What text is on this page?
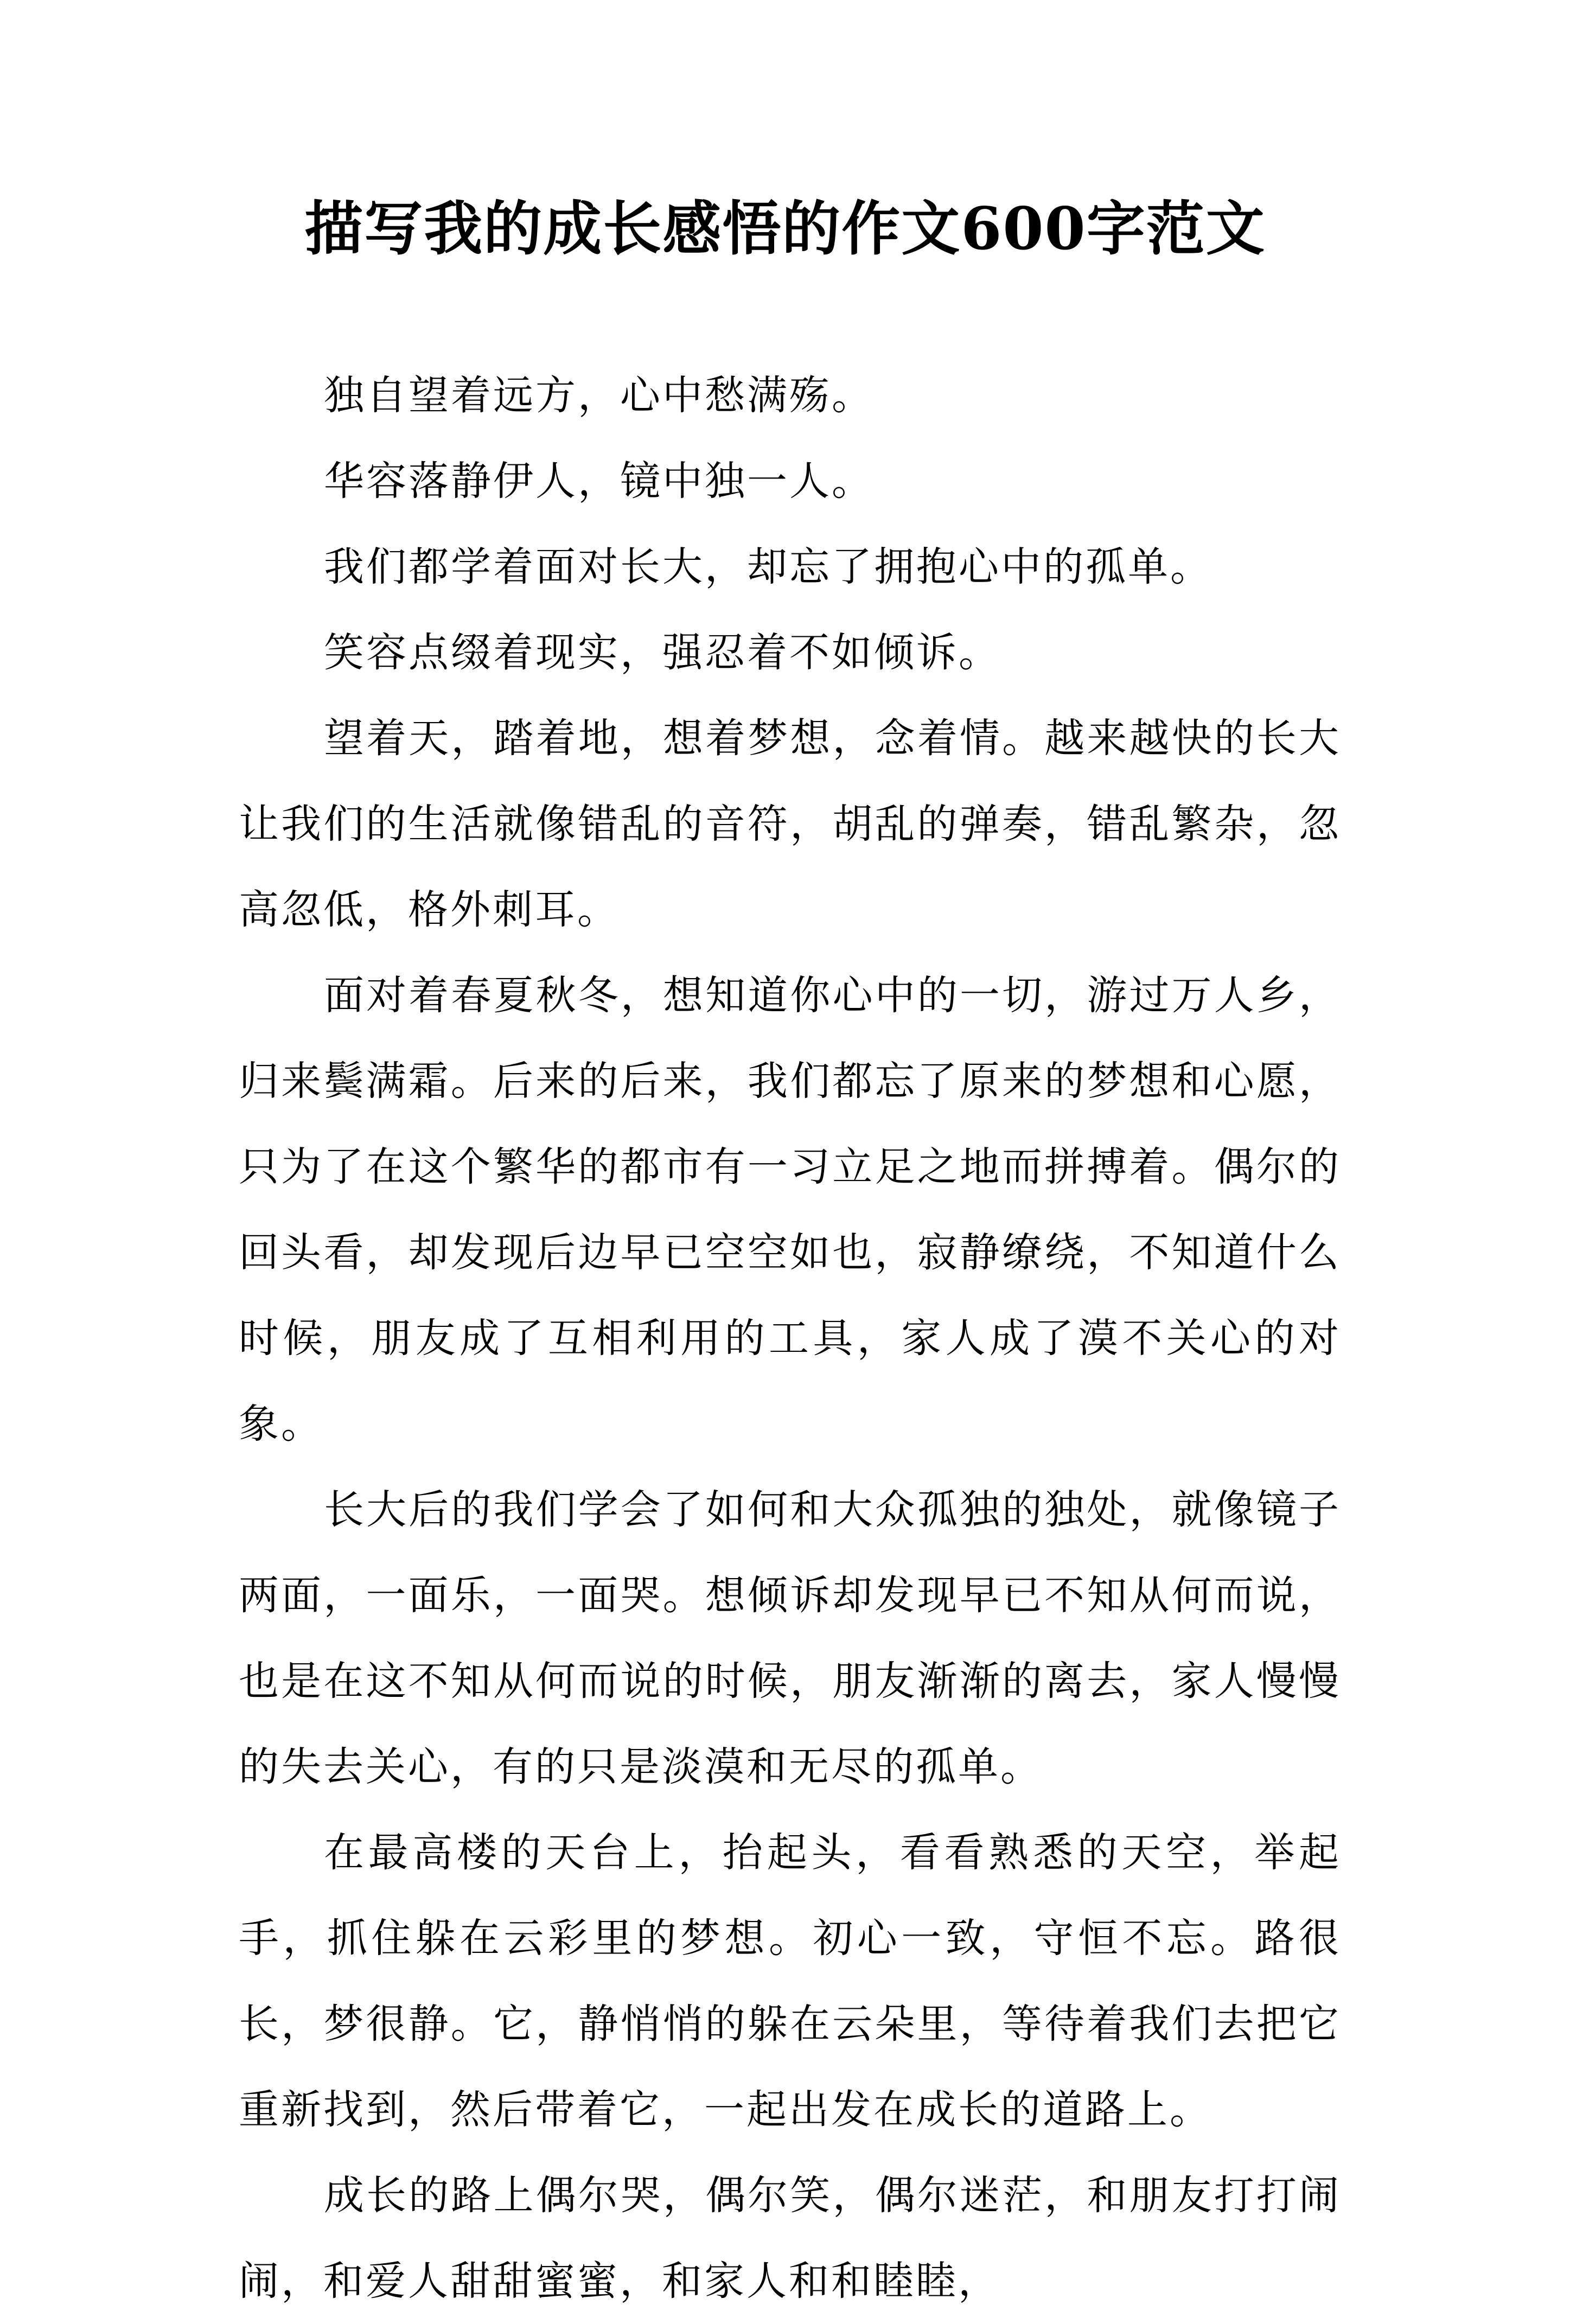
描写我的成长感悟的作文600字范文

独自望着远方，心中愁满殇。

华容落静伊人，镜中独一人。

我们都学着面对长大，却忘了拥抱心中的孤单。

笑容点缀着现实，强忍着不如倾诉。

望着天，踏着地，想着梦想，念着情。越来越快的长大让我们的生活就像错乱的音符，胡乱的弹奏，错乱繁杂，忽高忽低，格外刺耳。

面对着春夏秋冬，想知道你心中的一切，游过万人乡，归来鬓满霜。后来的后来，我们都忘了原来的梦想和心愿，只为了在这个繁华的都市有一习立足之地而拼搏着。偶尔的回头看，却发现后边早已空空如也，寂静缭绕，不知道什么时候，朋友成了互相利用的工具，家人成了漠不关心的对象。

长大后的我们学会了如何和大众孤独的独处，就像镜子两面，一面乐，一面哭。想倾诉却发现早已不知从何而说，也是在这不知从何而说的时候，朋友渐渐的离去，家人慢慢的失去关心，有的只是淡漠和无尽的孤单。

在最高楼的天台上，抬起头，看看熟悉的天空，举起手，抓住躲在云彩里的梦想。初心一致，守恒不忘。路很长，梦很静。它，静悄悄的躲在云朵里，等待着我们去把它重新找到，然后带着它，一起出发在成长的道路上。

成长的路上偶尔哭，偶尔笑，偶尔迷茫，和朋友打打闹闹，和爱人甜甜蜜蜜，和家人和和睦睦，
